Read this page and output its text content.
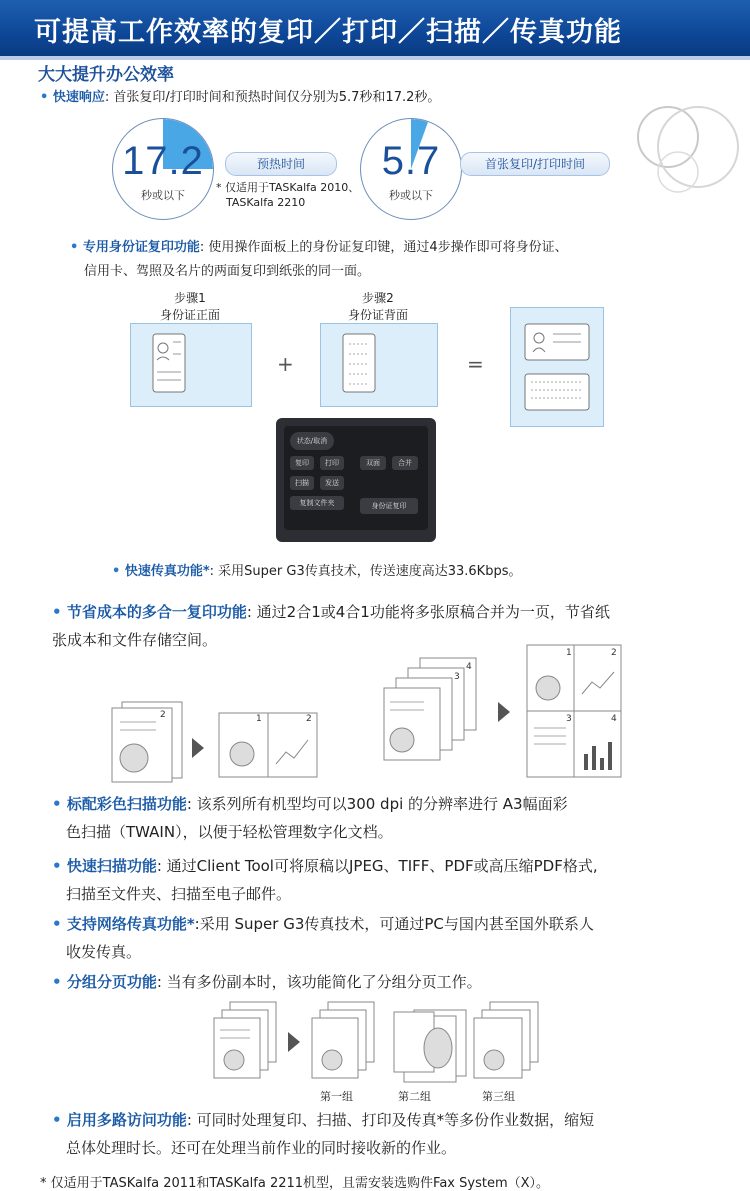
可提高工作效率的复印／打印／扫描／传真功能
大大提升办公效率
• 快速响应: 首张复印/打印时间和预热时间仅分别为5.7秒和17.2秒。
17.2
秒或以下
预热时间
* 仅适用于TASKalfa 2010、
TASKalfa 2210
5.7
秒或以下
首张复印/打印时间
• 专用身份证复印功能: 使用操作面板上的身份证复印键，通过4步操作即可将身份证、
信用卡、驾照及名片的两面复印到纸张的同一面。
步骤1
身份证正面
步骤2
身份证背面
+	=
状态/取消
复印	打印
扫描	发送
复制文件夹
双面	合并
身份证复印
• 快速传真功能*: 采用Super G3传真技术，传送速度高达33.6Kbps。
• 节省成本的多合一复印功能: 通过2合1或4合1功能将多张原稿合并为一页，节省纸
张成本和文件存储空间。
2	1	2
4
3
1	2
3	4
• 标配彩色扫描功能: 该系列所有机型均可以300 dpi 的分辨率进行 A3幅面彩
色扫描（TWAIN），以便于轻松管理数字化文档。
• 快速扫描功能: 通过Client Tool可将原稿以JPEG、TIFF、PDF或高压缩PDF格式,
扫描至文件夹、扫描至电子邮件。
• 支持网络传真功能*:采用 Super G3传真技术，可通过PC与国内甚至国外联系人
收发传真。
• 分组分页功能: 当有多份副本时，该功能简化了分组分页工作。
第一组	第二组	第三组
• 启用多路访问功能: 可同时处理复印、扫描、打印及传真*等多份作业数据，缩短
总体处理时长。还可在处理当前作业的同时接收新的作业。
* 仅适用于TASKalfa 2011和TASKalfa 2211机型，且需安装选购件Fax System（X）。
